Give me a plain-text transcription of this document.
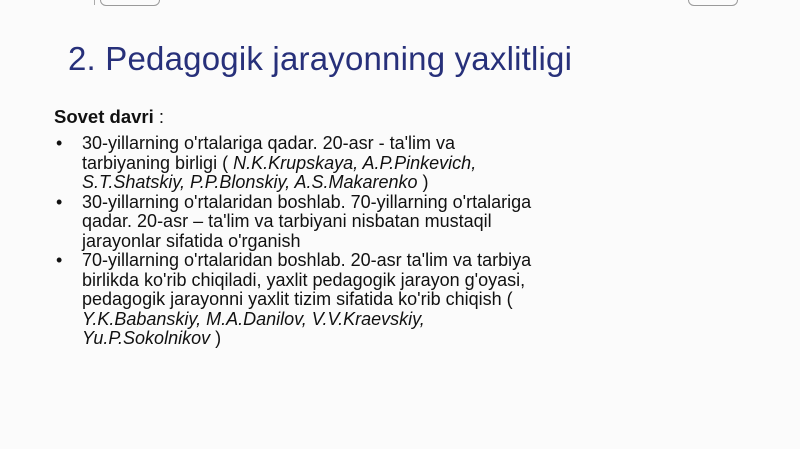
2. Pedagogik jarayonning yaxlitligi
Sovet davri :
• 30-yillarning o'rtalariga qadar. 20-asr - ta'lim va
tarbiyaning birligi ( N.K.Krupskaya, A.P.Pinkevich,
S.T.Shatskiy, P.P.Blonskiy, A.S.Makarenko )
• 30-yillarning o'rtalaridan boshlab. 70-yillarning o'rtalariga
qadar. 20-asr – ta'lim va tarbiyani nisbatan mustaqil
jarayonlar sifatida o'rganish
• 70-yillarning o'rtalaridan boshlab. 20-asr ta'lim va tarbiya
birlikda ko'rib chiqiladi, yaxlit pedagogik jarayon g'oyasi,
pedagogik jarayonni yaxlit tizim sifatida ko'rib chiqish (
Y.K.Babanskiy, M.A.Danilov, V.V.Kraevskiy,
Yu.P.Sokolnikov )
